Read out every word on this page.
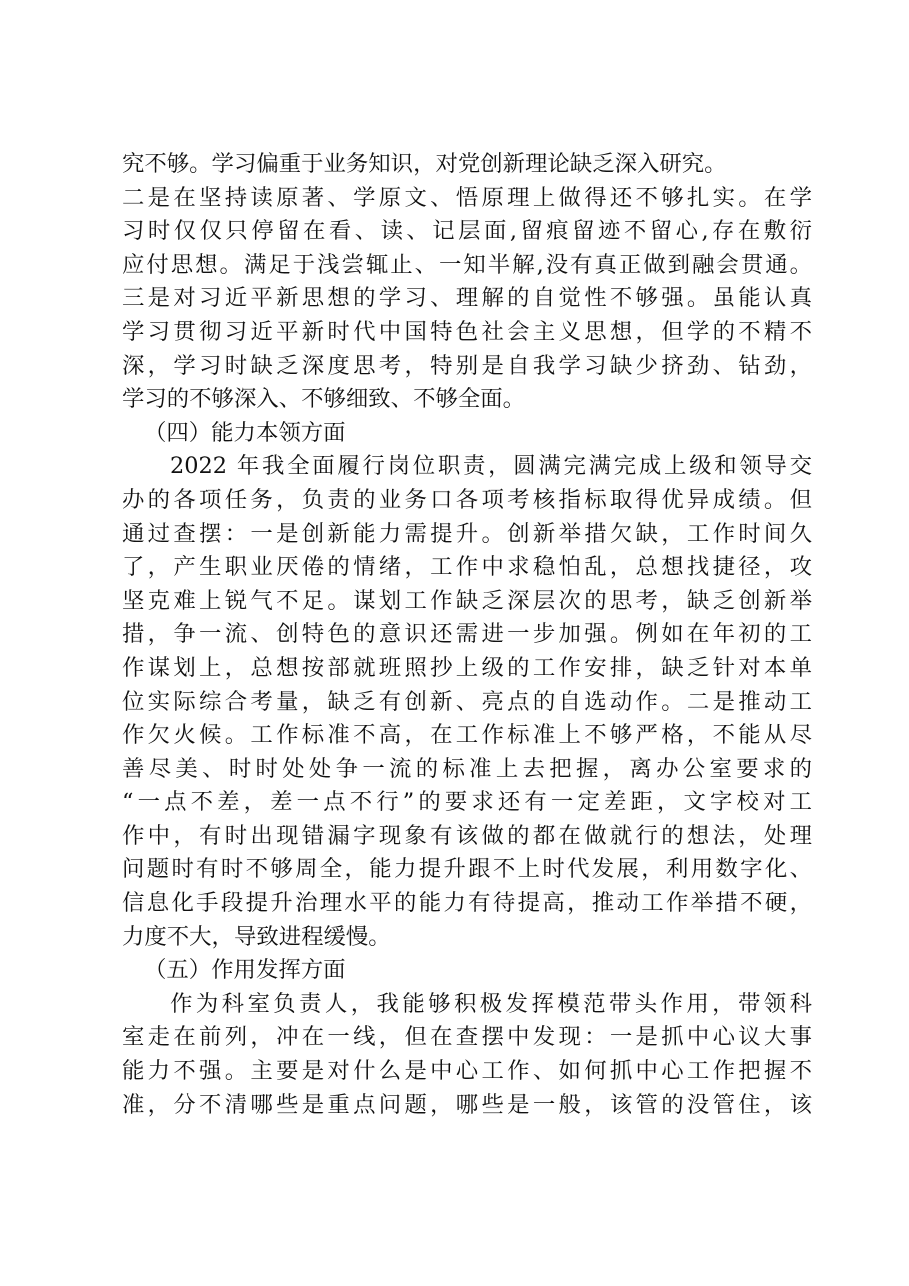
究不够。学习偏重于业务知识，对党创新理论缺乏深入研究。
二是在坚持读原著、学原文、悟原理上做得还不够扎实。在学
习时仅仅只停留在看、读、记层面,留痕留迹不留心,存在敷衍
应付思想。满足于浅尝辄止、一知半解,没有真正做到融会贯通。
三是对习近平新思想的学习、理解的自觉性不够强。虽能认真
学习贯彻习近平新时代中国特色社会主义思想，但学的不精不
深，学习时缺乏深度思考，特别是自我学习缺少挤劲、钻劲，
学习的不够深入、不够细致、不够全面。
（四）能力本领方面
2022 年我全面履行岗位职责，圆满完满完成上级和领导交
办的各项任务，负责的业务口各项考核指标取得优异成绩。但
通过查摆：一是创新能力需提升。创新举措欠缺，工作时间久
了，产生职业厌倦的情绪，工作中求稳怕乱，总想找捷径，攻
坚克难上锐气不足。谋划工作缺乏深层次的思考，缺乏创新举
措，争一流、创特色的意识还需进一步加强。例如在年初的工
作谋划上，总想按部就班照抄上级的工作安排，缺乏针对本单
位实际综合考量，缺乏有创新、亮点的自选动作。二是推动工
作欠火候。工作标准不高，在工作标准上不够严格，不能从尽
善尽美、时时处处争一流的标准上去把握，离办公室要求的
“一点不差，差一点不行”的要求还有一定差距，文字校对工
作中，有时出现错漏字现象有该做的都在做就行的想法，处理
问题时有时不够周全，能力提升跟不上时代发展，利用数字化、
信息化手段提升治理水平的能力有待提高，推动工作举措不硬，
力度不大，导致进程缓慢。
（五）作用发挥方面
作为科室负责人，我能够积极发挥模范带头作用，带领科
室走在前列，冲在一线，但在查摆中发现：一是抓中心议大事
能力不强。主要是对什么是中心工作、如何抓中心工作把握不
准，分不清哪些是重点问题，哪些是一般，该管的没管住，该
